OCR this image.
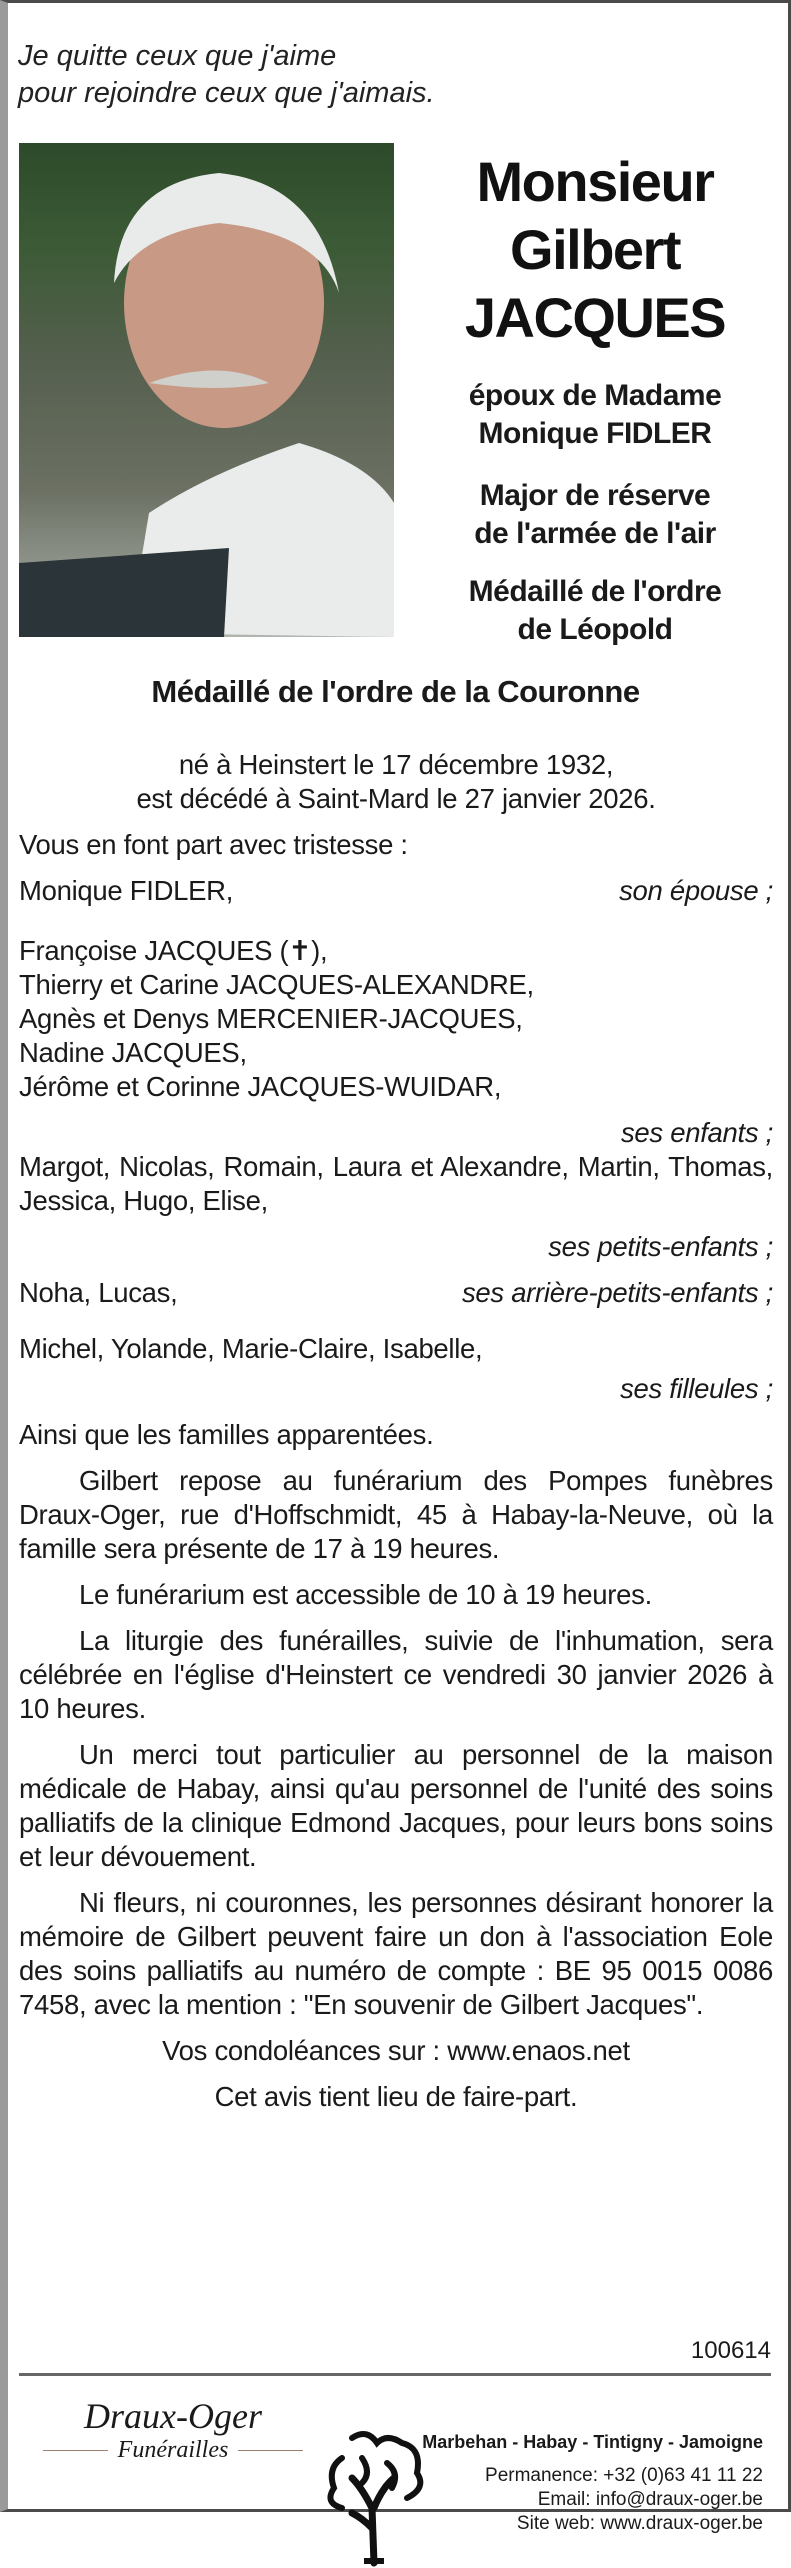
Je quitte ceux que j'aime
pour rejoindre ceux que j'aimais.
Monsieur
Gilbert
JACQUES
époux de Madame
Monique FIDLER
Major de réserve
de l'armée de l'air
Médaillé de l'ordre
de Léopold
Médaillé de l'ordre de la Couronne
né à Heinstert le 17 décembre 1932,
est décédé à Saint-Mard le 27 janvier 2026.
Vous en font part avec tristesse :
Monique FIDLER,	son épouse ;
Françoise JACQUES (✝),
Thierry et Carine JACQUES-ALEXANDRE,
Agnès et Denys MERCENIER-JACQUES,
Nadine JACQUES,
Jérôme et Corinne JACQUES-WUIDAR,
ses enfants ;
Margot, Nicolas, Romain, Laura et Alexandre, Martin, Thomas, Jessica, Hugo, Elise,
ses petits-enfants ;
Noha, Lucas,	ses arrière-petits-enfants ;
Michel, Yolande, Marie-Claire, Isabelle,
ses filleules ;
Ainsi que les familles apparentées.
Gilbert repose au funérarium des Pompes funèbres Draux-Oger, rue d'Hoffschmidt, 45 à Habay-la-Neuve, où la famille sera présente de 17 à 19 heures.
Le funérarium est accessible de 10 à 19 heures.
La liturgie des funérailles, suivie de l'inhumation, sera célébrée en l'église d'Heinstert ce vendredi 30 janvier 2026 à 10 heures.
Un merci tout particulier au personnel de la maison médicale de Habay, ainsi qu'au personnel de l'unité des soins palliatifs de la clinique Edmond Jacques, pour leurs bons soins et leur dévouement.
Ni fleurs, ni couronnes, les personnes désirant honorer la mémoire de Gilbert peuvent faire un don à l'association Eole des soins palliatifs au numéro de compte : BE 95 0015 0086 7458, avec la mention : "En souvenir de Gilbert Jacques".
Vos condoléances sur : www.enaos.net
Cet avis tient lieu de faire-part.
100614
Draux-Oger
Funérailles	Marbehan - Habay - Tintigny - Jamoigne
Permanence: +32 (0)63 41 11 22
Email: info@draux-oger.be
Site web: www.draux-oger.be
